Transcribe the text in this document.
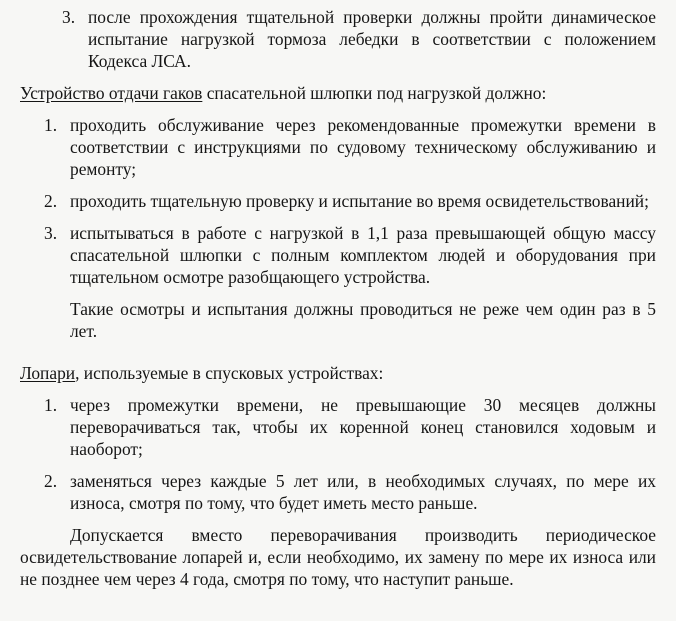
3. после прохождения тщательной проверки должны пройти динамическое испытание нагрузкой тормоза лебедки в соответствии с положением Кодекса ЛСА.

Устройство отдачи гаков спасательной шлюпки под нагрузкой должно:

1. проходить обслуживание через рекомендованные промежутки времени в соответствии с инструкциями по судовому техническому обслуживанию и ремонту;
2. проходить тщательную проверку и испытание во время освидетельствований;
3. испытываться в работе с нагрузкой в 1,1 раза превышающей общую массу спасательной шлюпки с полным комплектом людей и оборудования при тщательном осмотре разобщающего устройства.

Такие осмотры и испытания должны проводиться не реже чем один раз в 5 лет.

Лопари, используемые в спусковых устройствах:

1. через промежутки времени, не превышающие 30 месяцев должны переворачиваться так, чтобы их коренной конец становился ходовым и наоборот;
2. заменяться через каждые 5 лет или, в необходимых случаях, по мере их износа, смотря по тому, что будет иметь место раньше.

Допускается вместо переворачивания производить периодическое освидетельствование лопарей и, если необходимо, их замену по мере их износа или не позднее чем через 4 года, смотря по тому, что наступит раньше.
